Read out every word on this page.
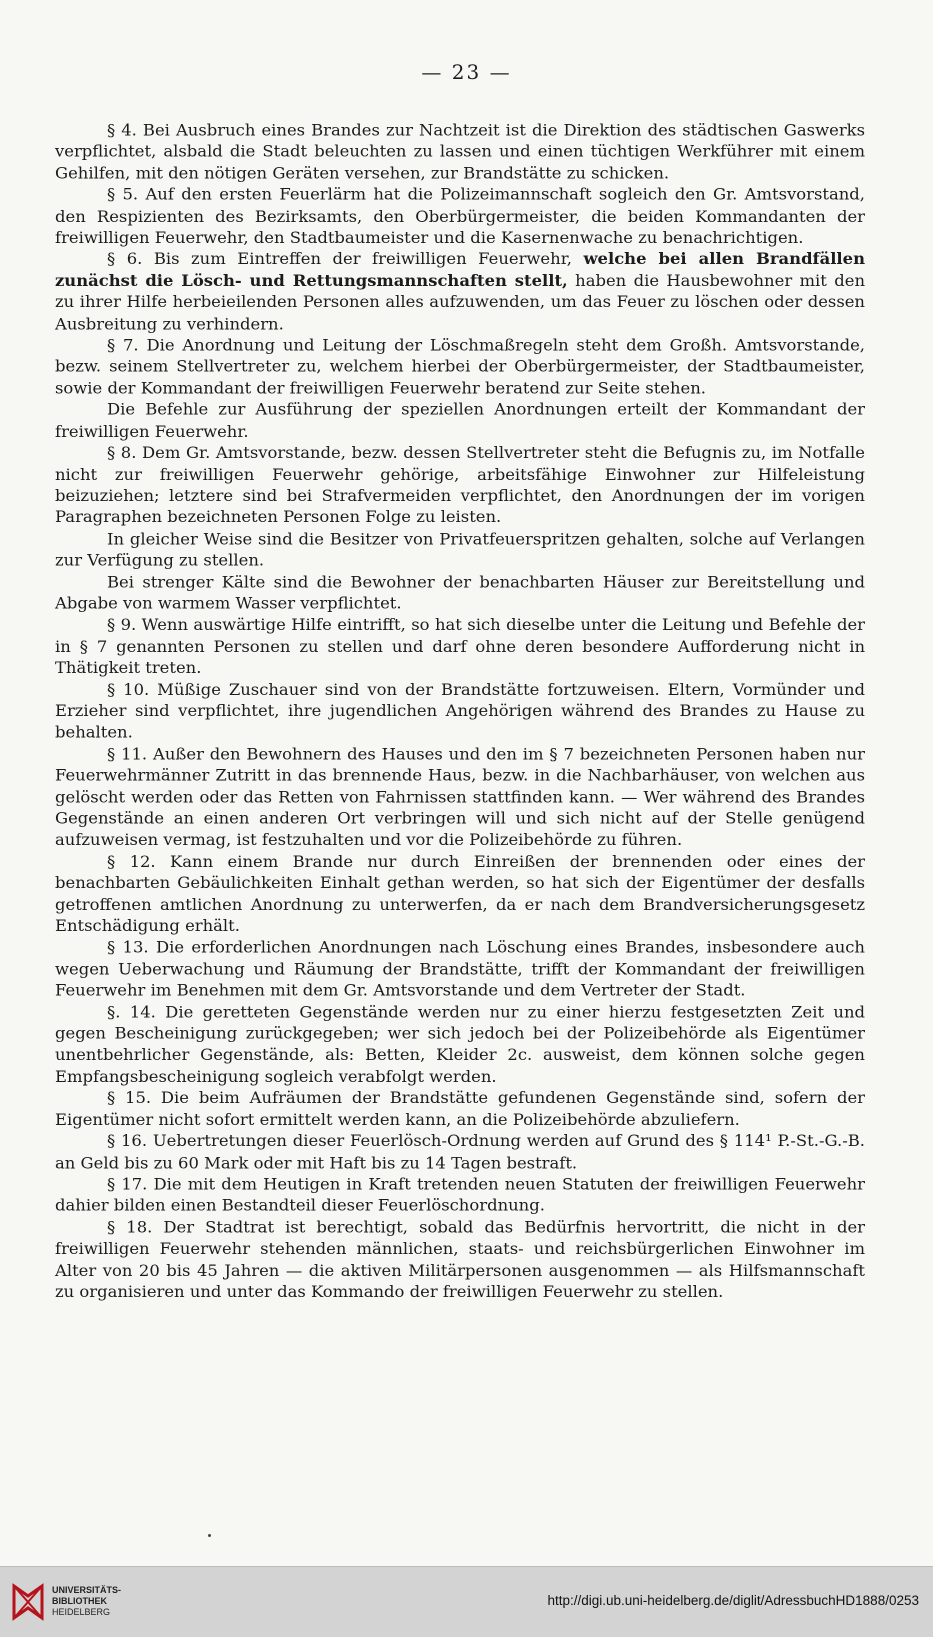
— 23 —

§ 4. Bei Ausbruch eines Brandes zur Nachtzeit ist die Direktion des städtischen Gaswerks verpflichtet, alsbald die Stadt beleuchten zu lassen und einen tüchtigen Werkführer mit einem Gehilfen, mit den nötigen Geräten versehen, zur Brandstätte zu schicken.

§ 5. Auf den ersten Feuerlärm hat die Polizeimannschaft sogleich den Gr. Amtsvorstand, den Respizienten des Bezirksamts, den Oberbürgermeister, die beiden Kommandanten der freiwilligen Feuerwehr, den Stadtbaumeister und die Kasernenwache zu benachrichtigen.

§ 6. Bis zum Eintreffen der freiwilligen Feuerwehr, welche bei allen Brandfällen zunächst die Lösch- und Rettungsmannschaften stellt, haben die Hausbewohner mit den zu ihrer Hilfe herbeieilenden Personen alles aufzuwenden, um das Feuer zu löschen oder dessen Ausbreitung zu verhindern.

§ 7. Die Anordnung und Leitung der Löschmaßregeln steht dem Großh. Amtsvorstande, bezw. seinem Stellvertreter zu, welchem hierbei der Oberbürgermeister, der Stadtbaumeister, sowie der Kommandant der freiwilligen Feuerwehr beratend zur Seite stehen.

Die Befehle zur Ausführung der speziellen Anordnungen erteilt der Kommandant der freiwilligen Feuerwehr.

§ 8. Dem Gr. Amtsvorstande, bezw. dessen Stellvertreter steht die Befugnis zu, im Notfalle nicht zur freiwilligen Feuerwehr gehörige, arbeitsfähige Einwohner zur Hilfeleistung beizuziehen; letztere sind bei Strafvermeiden verpflichtet, den Anordnungen der im vorigen Paragraphen bezeichneten Personen Folge zu leisten.

In gleicher Weise sind die Besitzer von Privatfeuerspritzen gehalten, solche auf Verlangen zur Verfügung zu stellen.

Bei strenger Kälte sind die Bewohner der benachbarten Häuser zur Bereitstellung und Abgabe von warmem Wasser verpflichtet.

§ 9. Wenn auswärtige Hilfe eintrifft, so hat sich dieselbe unter die Leitung und Befehle der in § 7 genannten Personen zu stellen und darf ohne deren besondere Aufforderung nicht in Thätigkeit treten.

§ 10. Müßige Zuschauer sind von der Brandstätte fortzuweisen. Eltern, Vormünder und Erzieher sind verpflichtet, ihre jugendlichen Angehörigen während des Brandes zu Hause zu behalten.

§ 11. Außer den Bewohnern des Hauses und den im § 7 bezeichneten Personen haben nur Feuerwehrmänner Zutritt in das brennende Haus, bezw. in die Nachbarhäuser, von welchen aus gelöscht werden oder das Retten von Fahrnissen stattfinden kann. — Wer während des Brandes Gegenstände an einen anderen Ort verbringen will und sich nicht auf der Stelle genügend aufzuweisen vermag, ist festzuhalten und vor die Polizeibehörde zu führen.

§ 12. Kann einem Brande nur durch Einreißen der brennenden oder eines der benachbarten Gebäulichkeiten Einhalt gethan werden, so hat sich der Eigentümer der desfalls getroffenen amtlichen Anordnung zu unterwerfen, da er nach dem Brandversicherungsgesetz Entschädigung erhält.

§ 13. Die erforderlichen Anordnungen nach Löschung eines Brandes, insbesondere auch wegen Ueberwachung und Räumung der Brandstätte, trifft der Kommandant der freiwilligen Feuerwehr im Benehmen mit dem Gr. Amtsvorstande und dem Vertreter der Stadt.

§. 14. Die geretteten Gegenstände werden nur zu einer hierzu festgesetzten Zeit und gegen Bescheinigung zurückgegeben; wer sich jedoch bei der Polizeibehörde als Eigentümer unentbehrlicher Gegenstände, als: Betten, Kleider 2c. ausweist, dem können solche gegen Empfangsbescheinigung sogleich verabfolgt werden.

§ 15. Die beim Aufräumen der Brandstätte gefundenen Gegenstände sind, sofern der Eigentümer nicht sofort ermittelt werden kann, an die Polizeibehörde abzuliefern.

§ 16. Uebertretungen dieser Feuerlösch-Ordnung werden auf Grund des § 114¹ P.-St.-G.-B. an Geld bis zu 60 Mark oder mit Haft bis zu 14 Tagen bestraft.

§ 17. Die mit dem Heutigen in Kraft tretenden neuen Statuten der freiwilligen Feuerwehr dahier bilden einen Bestandteil dieser Feuerlöschordnung.

§ 18. Der Stadtrat ist berechtigt, sobald das Bedürfnis hervortritt, die nicht in der freiwilligen Feuerwehr stehenden männlichen, staats- und reichsbürgerlichen Einwohner im Alter von 20 bis 45 Jahren — die aktiven Militärpersonen ausgenommen — als Hilfsmannschaft zu organisieren und unter das Kommando der freiwilligen Feuerwehr zu stellen.

UNIVERSITÄTS-
BIBLIOTHEK
HEIDELBERG
http://digi.ub.uni-heidelberg.de/diglit/AdressbuchHD1888/0253
